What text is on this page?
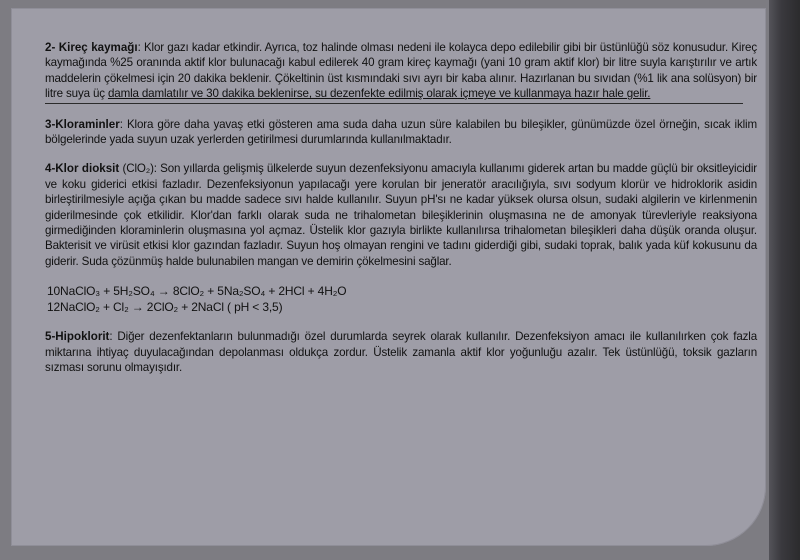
2- Kireç kaymağı: Klor gazı kadar etkindir. Ayrıca, toz halinde olması nedeni ile kolayca depo edilebilir gibi bir üstünlüğü söz konusudur. Kireç kaymağında %25 oranında aktif klor bulunacağı kabul edilerek 40 gram kireç kaymağı (yani 10 gram aktif klor) bir litre suyla karıştırılır ve artık maddelerin çökelmesi için 20 dakika beklenir. Çökeltinin üst kısmındaki sıvı ayrı bir kaba alınır. Hazırlanan bu sıvıdan (%1 lik ana solüsyon) bir litre suya üç damla damlatılır ve 30 dakika beklenirse, su dezenfekte edilmiş olarak içmeye ve kullanmaya hazır hale gelir.

3-Kloraminler: Klora göre daha yavaş etki gösteren ama suda daha uzun süre kalabilen bu bileşikler, günümüzde özel örneğin, sıcak iklim bölgelerinde yada suyun uzak yerlerden getirilmesi durumlarında kullanılmaktadır.

4-Klor dioksit (ClO₂): Son yıllarda gelişmiş ülkelerde suyun dezenfeksiyonu amacıyla kullanımı giderek artan bu madde güçlü bir oksitleyicidir ve koku giderici etkisi fazladır. Dezenfeksiyonun yapılacağı yere korulan bir jeneratör aracılığıyla, sıvı sodyum klorür ve hidroklorik asidin birleştirilmesiyle açığa çıkan bu madde sadece sıvı halde kullanılır. Suyun pH'sı ne kadar yüksek olursa olsun, sudaki algilerin ve kirlenmenin giderilmesinde çok etkilidir. Klor'dan farklı olarak suda ne trihalometan bileşiklerinin oluşmasına ne de amonyak türevleriyle reaksiyona girmediğinden kloraminlerin oluşmasına yol açmaz. Üstelik klor gazıyla birlikte kullanılırsa trihalometan bileşikleri daha düşük oranda oluşur. Bakterisit ve virüsit etkisi klor gazından fazladır. Suyun hoş olmayan rengini ve tadını giderdiği gibi, sudaki toprak, balık yada küf kokusunu da giderir. Suda çözünmüş halde bulunabilen mangan ve demirin çökelmesini sağlar.

10NaClO₃ + 5H₂SO₄ → 8ClO₂ + 5Na₂SO₄ + 2HCl + 4H₂O
12NaClO₂ + Cl₂ → 2ClO₂ + 2NaCl ( pH < 3,5)

5-Hipoklorit: Diğer dezenfektanların bulunmadığı özel durumlarda seyrek olarak kullanılır. Dezenfeksiyon amacı ile kullanılırken çok fazla miktarına ihtiyaç duyulacağından depolanması oldukça zordur. Üstelik zamanla aktif klor yoğunluğu azalır. Tek üstünlüğü, toksik gazların sızması sorunu olmayışıdır.
